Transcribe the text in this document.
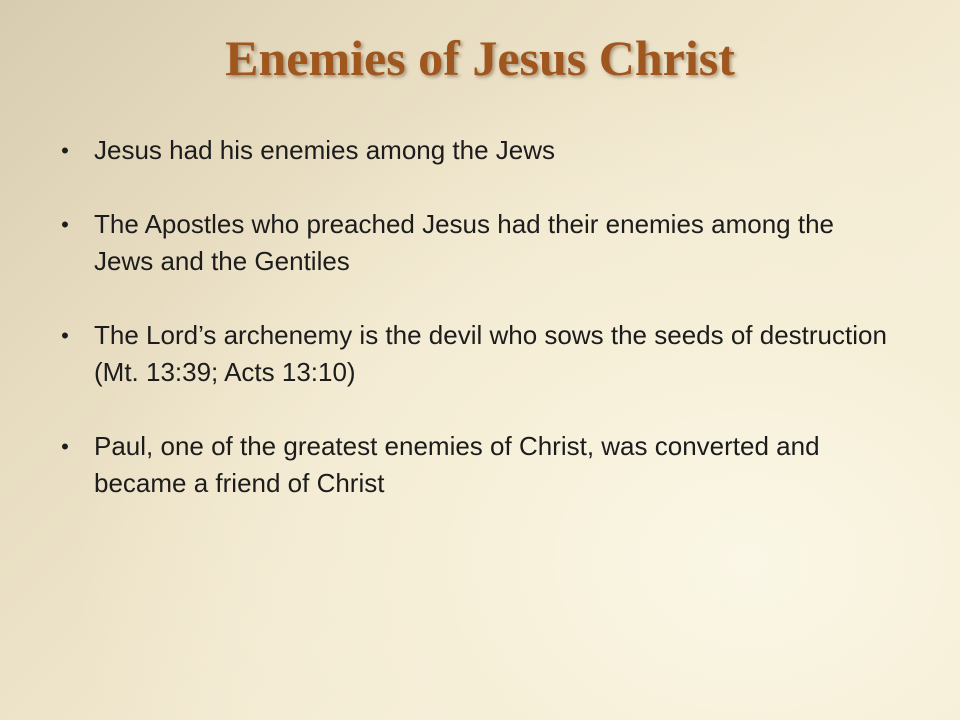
Enemies of Jesus Christ
• Jesus had his enemies among the Jews
• The Apostles who preached Jesus had their enemies among the Jews and the Gentiles
• The Lord’s archenemy is the devil who sows the seeds of destruction (Mt. 13:39; Acts 13:10)
• Paul, one of the greatest enemies of Christ, was converted and became a friend of Christ
